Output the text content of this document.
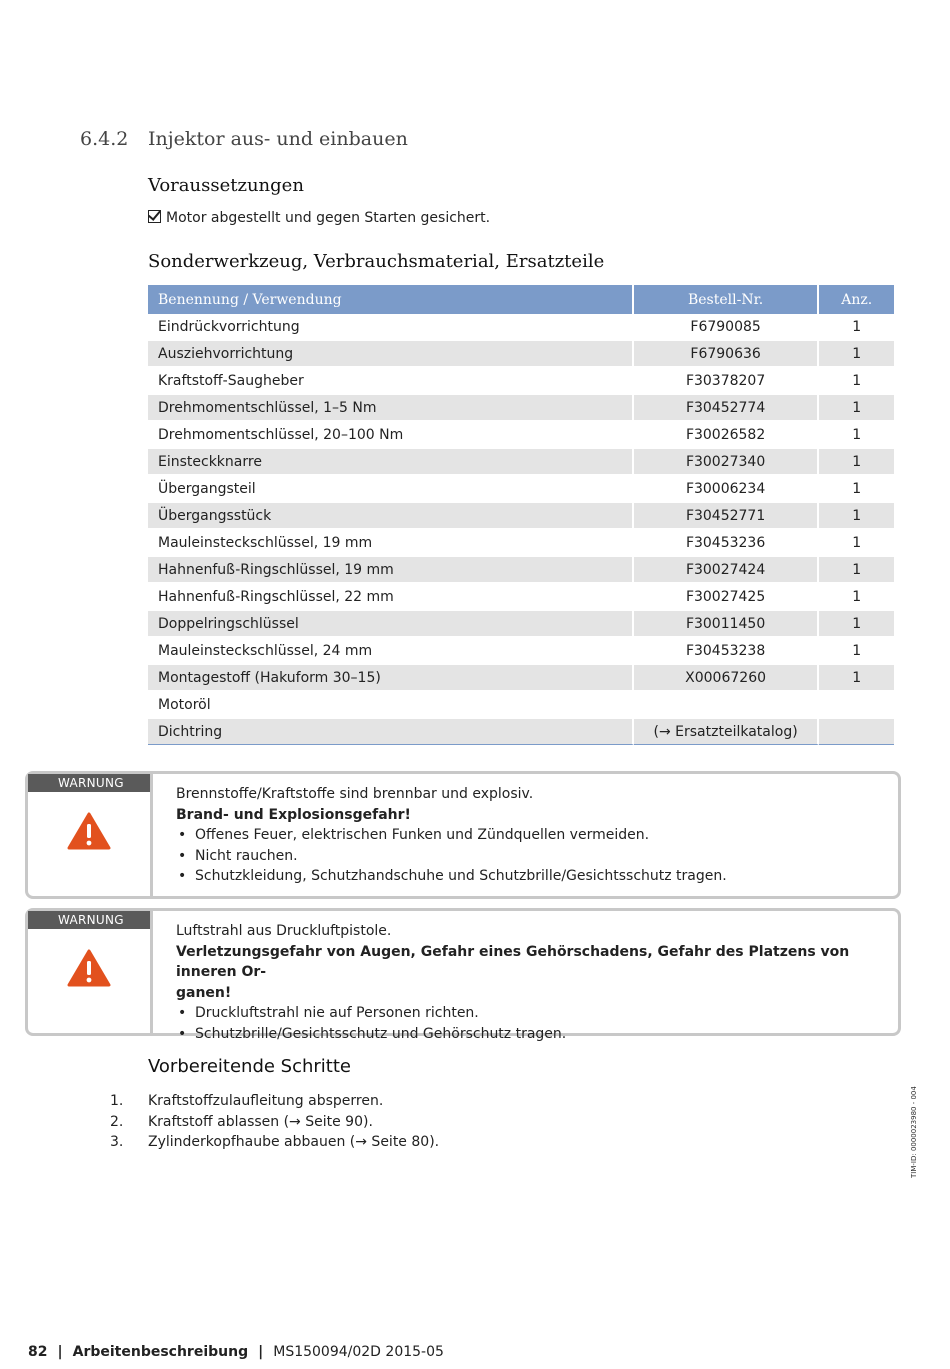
6.4.2 Injektor aus- und einbauen
Voraussetzungen
Motor abgestellt und gegen Starten gesichert.
Sonderwerkzeug, Verbrauchsmaterial, Ersatzteile
Benennung / Verwendung	Bestell-Nr.	Anz.
Eindrückvorrichtung	F6790085	1
Ausziehvorrichtung	F6790636	1
Kraftstoff-Saugheber	F30378207	1
Drehmomentschlüssel, 1–5 Nm	F30452774	1
Drehmomentschlüssel, 20–100 Nm	F30026582	1
Einsteckknarre	F30027340	1
Übergangsteil	F30006234	1
Übergangsstück	F30452771	1
Mauleinsteckschlüssel, 19 mm	F30453236	1
Hahnenfuß-Ringschlüssel, 19 mm	F30027424	1
Hahnenfuß-Ringschlüssel, 22 mm	F30027425	1
Doppelringschlüssel	F30011450	1
Mauleinsteckschlüssel, 24 mm	F30453238	1
Montagestoff (Hakuform 30–15)	X00067260	1
Motoröl		
Dichtring	(→ Ersatzteilkatalog)	
WARNUNG
Brennstoffe/Kraftstoffe sind brennbar und explosiv.
Brand- und Explosionsgefahr!
• Offenes Feuer, elektrischen Funken und Zündquellen vermeiden.
• Nicht rauchen.
• Schutzkleidung, Schutzhandschuhe und Schutzbrille/Gesichtsschutz tragen.
WARNUNG
Luftstrahl aus Druckluftpistole.
Verletzungsgefahr von Augen, Gefahr eines Gehörschadens, Gefahr des Platzens von inneren Or-
ganen!
• Druckluftstrahl nie auf Personen richten.
• Schutzbrille/Gesichtsschutz und Gehörschutz tragen.
Vorbereitende Schritte
1. Kraftstoffzulaufleitung absperren.
2. Kraftstoff ablassen (→ Seite 90).
3. Zylinderkopfhaube abbauen (→ Seite 80).	TIM-ID: 0000023980 - 004
82 | Arbeitenbeschreibung | MS150094/02D 2015-05
